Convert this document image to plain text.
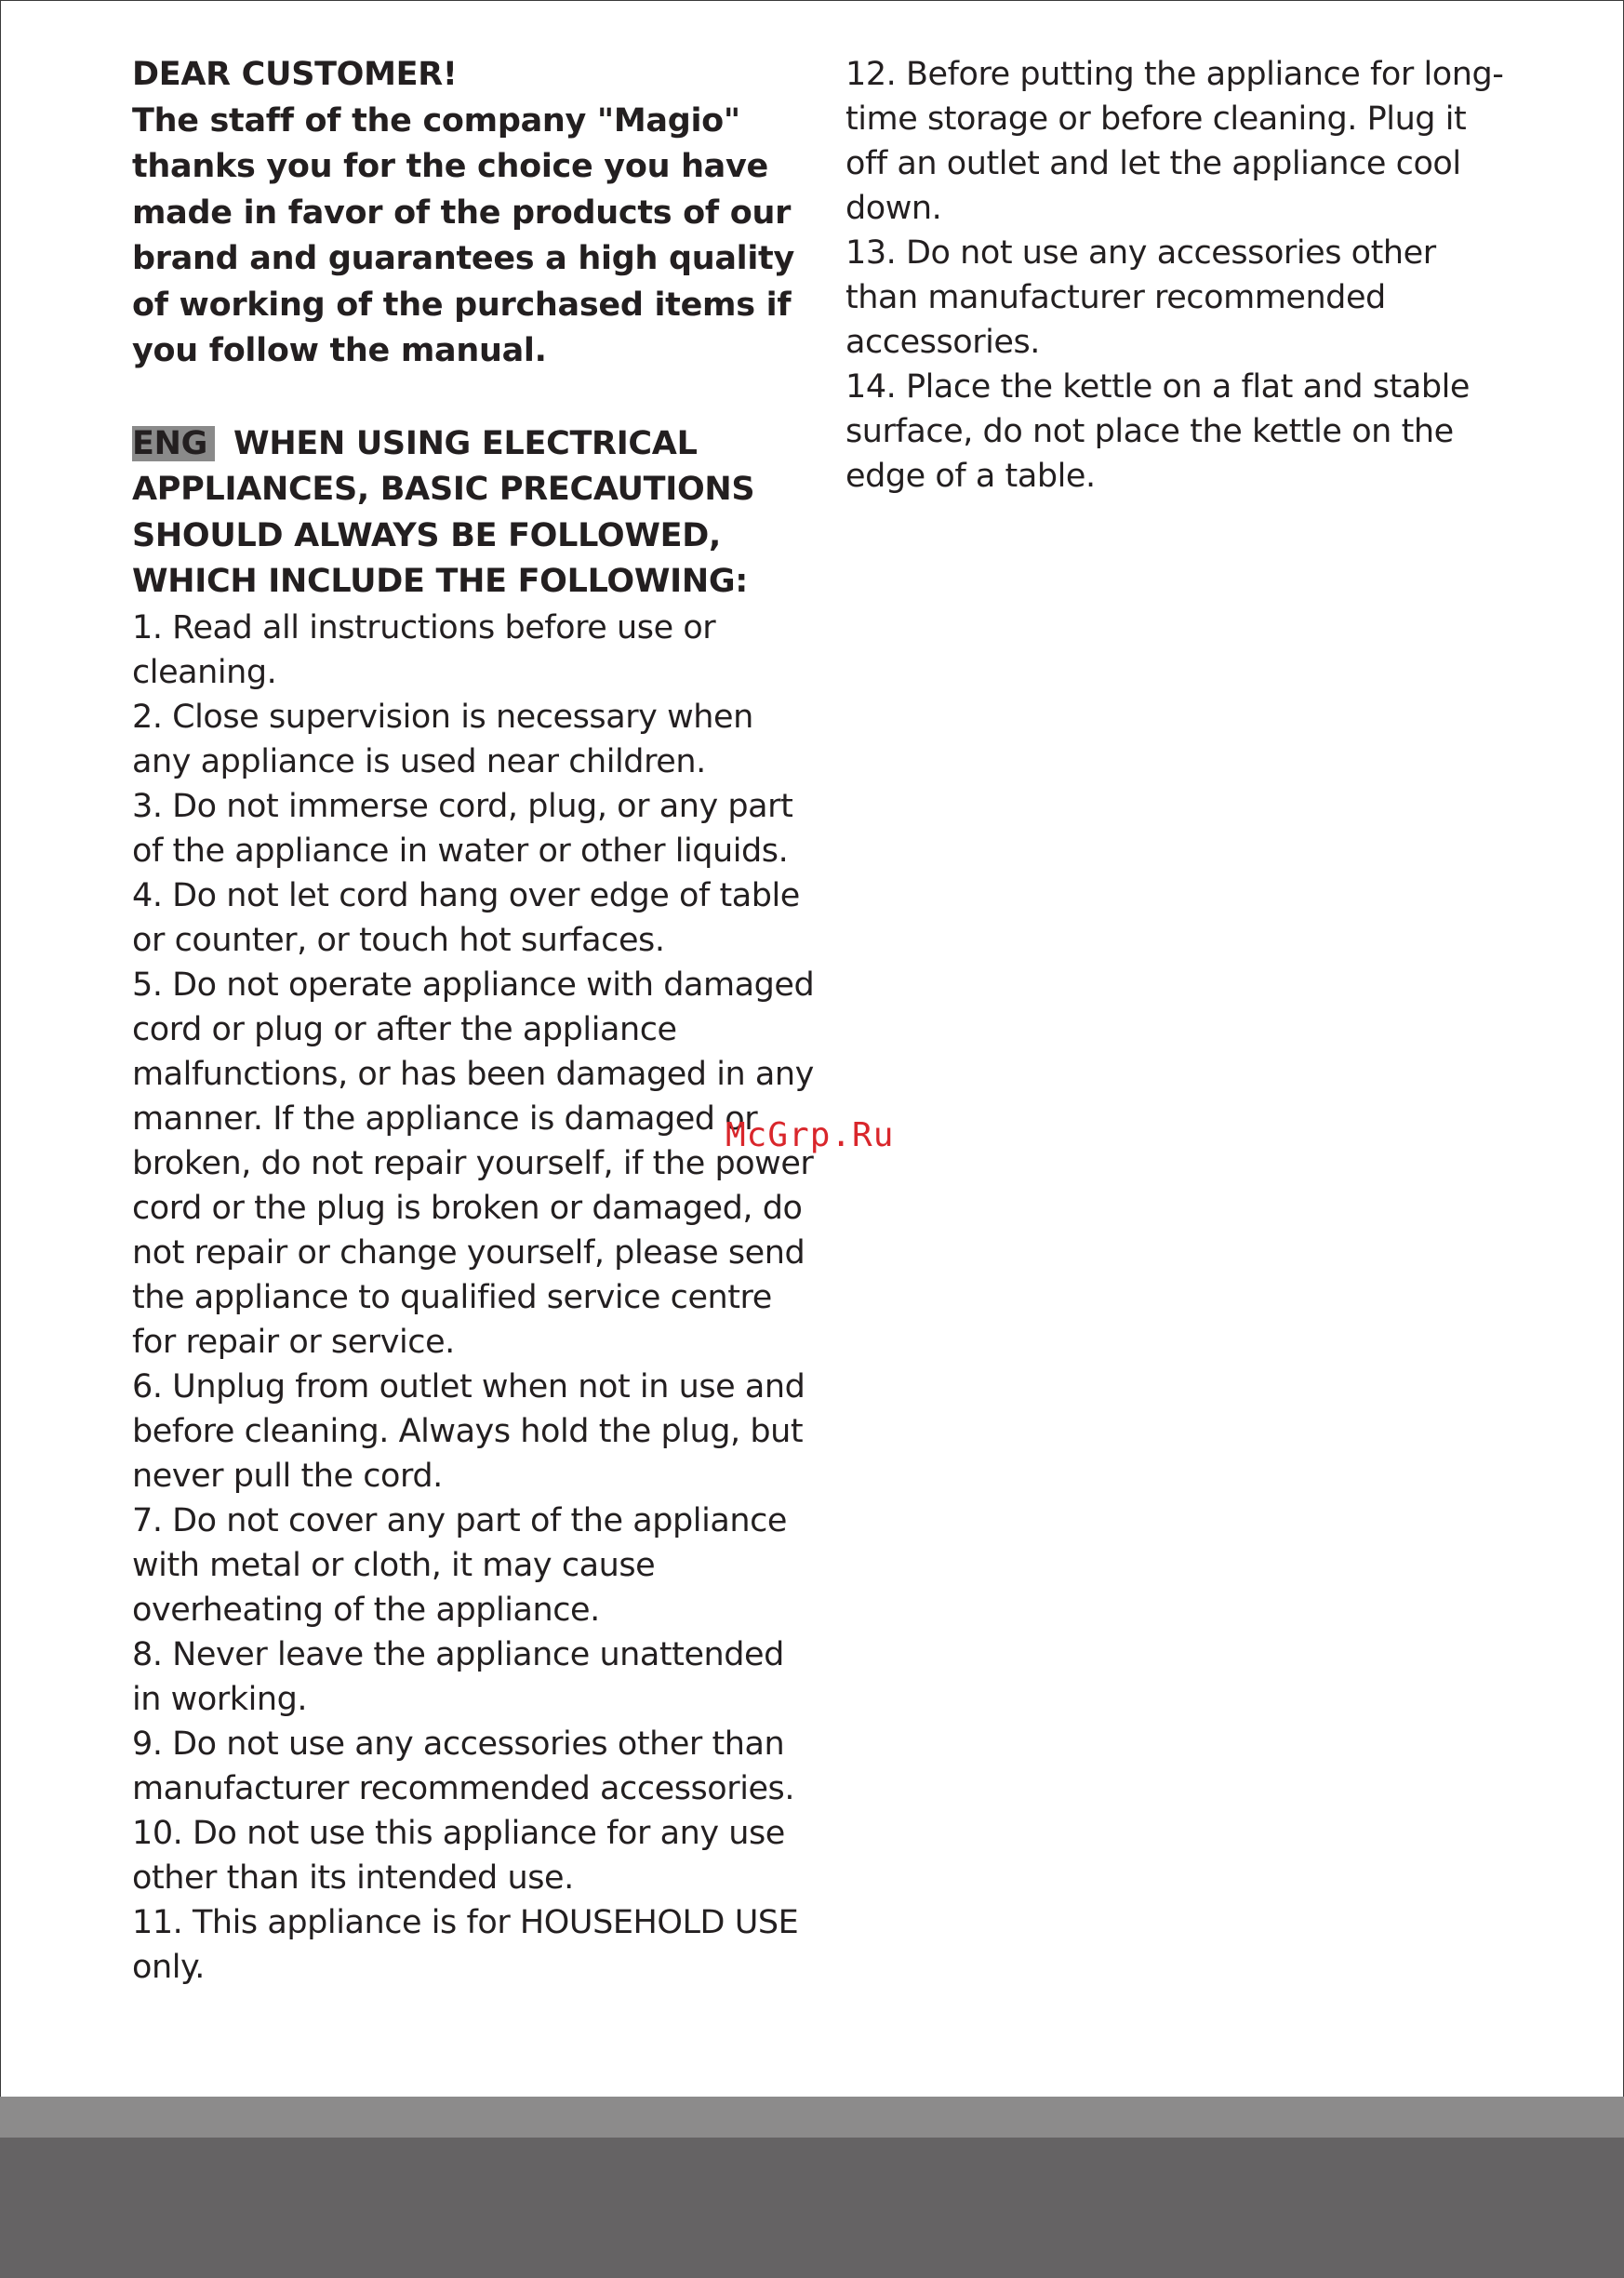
DEAR CUSTOMER!

The staff of the company "Magio" thanks you for the choice you have made in favor of the products of our brand and guarantees a high quality of working of the purchased items if you follow the manual.

ENG WHEN USING ELECTRICAL APPLIANCES, BASIC PRECAUTIONS SHOULD ALWAYS BE FOLLOWED, WHICH INCLUDE THE FOLLOWING:
1. Read all instructions before use or cleaning.
2. Close supervision is necessary when any appliance is used near children.
3. Do not immerse cord, plug, or any part of the appliance in water or other liquids.
4. Do not let cord hang over edge of table or counter, or touch hot surfaces.
5. Do not operate appliance with damaged cord or plug or after the appliance malfunctions, or has been damaged in any manner. If the appliance is damaged or broken, do not repair yourself, if the power cord or the plug is broken or damaged, do not repair or change yourself, please send the appliance to qualified service centre for repair or service.
6. Unplug from outlet when not in use and before cleaning. Always hold the plug, but never pull the cord.
7. Do not cover any part of the appliance with metal or cloth, it may cause overheating of the appliance.
8. Never leave the appliance unattended in working.
9. Do not use any accessories other than manufacturer recommended accessories.
10. Do not use this appliance for any use other than its intended use.
11. This appliance is for HOUSEHOLD USE only.
12. Before putting the appliance for long-time storage or before cleaning. Plug it off an outlet and let the appliance cool down.
13. Do not use any accessories other than manufacturer recommended accessories.
14. Place the kettle on a flat and stable surface, do not place the kettle on the edge of a table.
McGrp.Ru
